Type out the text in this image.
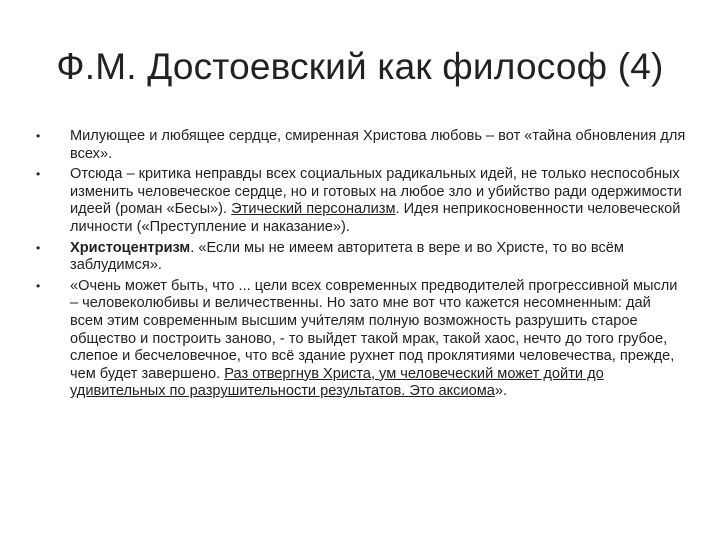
Ф.М. Достоевский как философ (4)
•	Милующее и любящее сердце, смиренная Христова любовь – вот «тайна обновления для всех».
•	Отсюда – критика неправды всех социальных радикальных идей, не только неспособных изменить человеческое сердце, но и готовых на любое зло и убийство ради одержимости идеей (роман «Бесы»). Этический персонализм. Идея неприкосновенности человеческой личности («Преступление и наказание»).
•	Христоцентризм. «Если мы не имеем авторитета в вере и во Христе, то во всём заблудимся».
•	«Очень может быть, что ... цели всех современных предводителей прогрессивной мысли – человеколюбивы и величественны. Но зато мне вот что кажется несомненным: дай всем этим современным высшим учи́телям полную возможность разрушить старое общество и построить заново, - то выйдет такой мрак, такой хаос, нечто до того грубое, слепое и бесчеловечное, что всё здание рухнет под проклятиями человечества, прежде, чем будет завершено. Раз отвергнув Христа, ум человеческий может дойти до удивительных по разрушительности результатов. Это аксиома».
